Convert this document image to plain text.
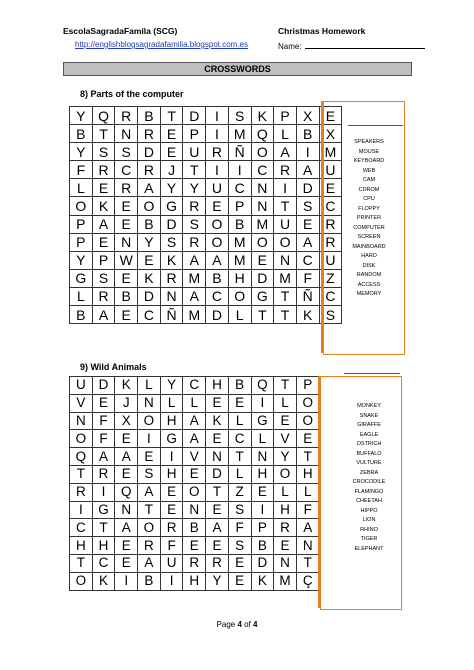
EscolaSagradaFamíla (SCG)
http://englishblogsagradafamilia.blogspot.com.es
Christmas Homework
Name:
CROSSWORDS
8) Parts of the computer
Y	Q	R	B	T	D	I	S	K	P	X	E
B	T	N	R	E	P	I	M	Q	L	B	X
Y	S	S	D	E	U	R	Ñ	O	A	I	M
F	R	C	R	J	T	I	I	C	R	A	U
L	E	R	A	Y	Y	U	C	N	I	D	E
O	K	E	O	G	R	E	P	N	T	S	C
P	A	E	B	D	S	O	B	M	U	E	R
P	E	N	Y	S	R	O	M	O	O	A	R
Y	P	W	E	K	A	A	M	E	N	C	U
G	S	E	K	R	M	B	H	D	M	F	Z
L	R	B	D	N	A	C	O	G	T	Ñ	C
B	A	E	C	Ñ	M	D	L	T	T	K	S
SPEAKERS
MOUSE
KEYBOARD
WEB
CAM
CDROM
CPU
FLOPPY
PRINTER
COMPUTER
SCREEN
MAINBOARD
HARD
DISK
RANDOM
ACCESS
MEMORY
9) Wild Animals
U	D	K	L	Y	C	H	B	Q	T	P
V	E	J	N	L	L	E	E	I	L	O
N	F	X	O	H	A	K	L	G	E	O
O	F	E	I	G	A	E	C	L	V	E
Q	A	A	E	I	V	N	T	N	Y	T
T	R	E	S	H	E	D	L	H	O	H
R	I	Q	A	E	O	T	Z	E	L	L
I	G	N	T	E	N	E	S	I	H	F
C	T	A	O	R	B	A	F	P	R	A
H	H	E	R	F	E	E	S	B	E	N
T	C	E	A	U	R	R	E	D	N	T
O	K	I	B	I	H	Y	E	K	M	Ç
MONKEY
SNAKE
GIRAFFE
EAGLE
OSTRICH
BUFFALO
VULTURE
ZEBRA
CROCODILE
FLAMINGO
CHEETAH
HIPPO
LION
RHINO
TIGER
ELEPHANT
Page 4 of 4
